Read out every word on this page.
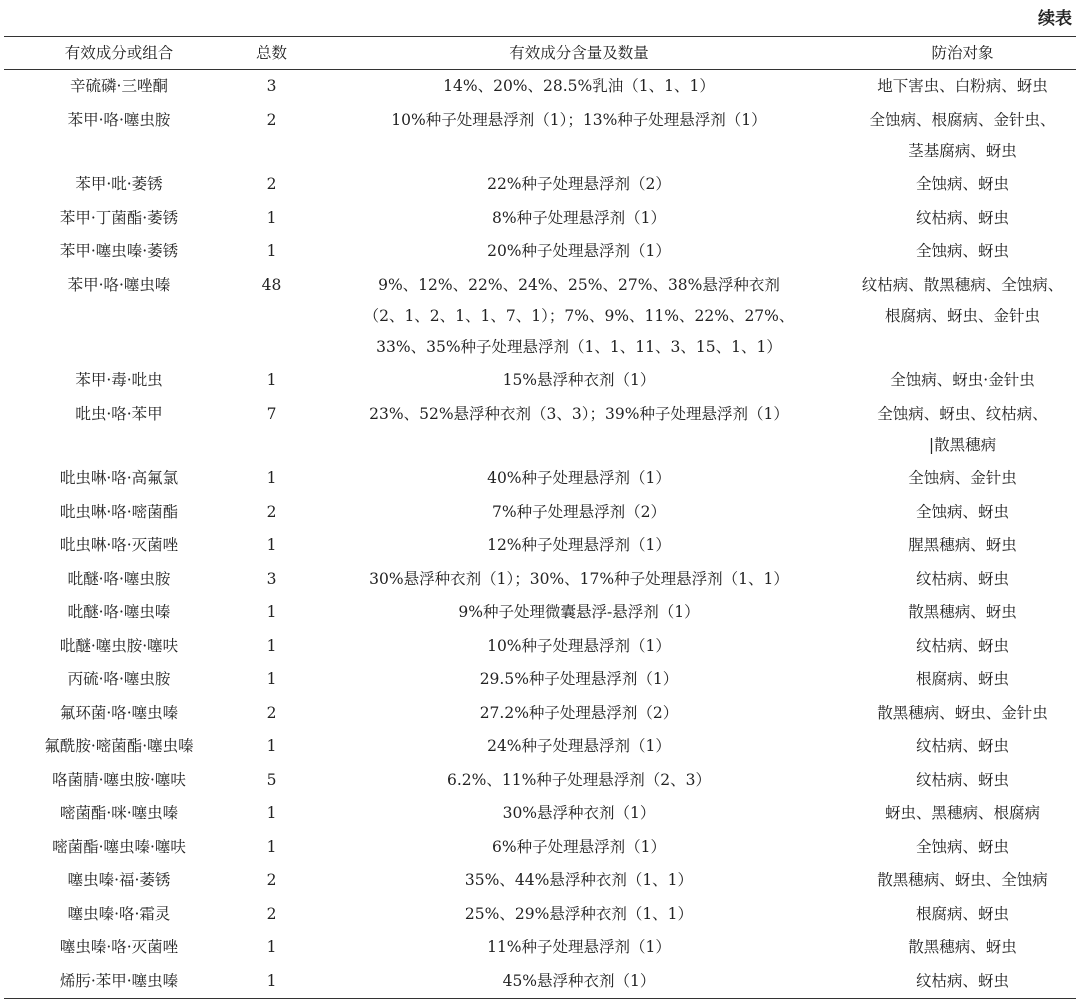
续表
有效成分或组合	总数	有效成分含量及数量	防治对象
辛硫磷·三唑酮	3	14%、20%、28.5%乳油（1、1、1）	地下害虫、白粉病、蚜虫

苯甲·咯·噻虫胺	2	10%种子处理悬浮剂（1）；13%种子处理悬浮剂（1）	全蚀病、根腐病、金针虫、
茎基腐病、蚜虫

苯甲·吡·萎锈	2	22%种子处理悬浮剂（2）	全蚀病、蚜虫

苯甲·丁菌酯·萎锈	1	8%种子处理悬浮剂（1）	纹枯病、蚜虫

苯甲·噻虫嗪·萎锈	1	20%种子处理悬浮剂（1）	全蚀病、蚜虫

苯甲·咯·噻虫嗪	48	9%、12%、22%、24%、25%、27%、38%悬浮种衣剂
（2、1、2、1、1、7、1）；7%、9%、11%、22%、27%、
33%、35%种子处理悬浮剂（1、1、11、3、15、1、1）	纹枯病、散黑穗病、全蚀病、
根腐病、蚜虫、金针虫

苯甲·毒·吡虫	1	15%悬浮种衣剂（1）	全蚀病、蚜虫·金针虫

吡虫·咯·苯甲	7	23%、52%悬浮种衣剂（3、3）；39%种子处理悬浮剂（1）	全蚀病、蚜虫、纹枯病、
|散黑穗病

吡虫啉·咯·高氟氯	1	40%种子处理悬浮剂（1）	全蚀病、金针虫

吡虫啉·咯·嘧菌酯	2	7%种子处理悬浮剂（2）	全蚀病、蚜虫

吡虫啉·咯·灭菌唑	1	12%种子处理悬浮剂（1）	腥黑穗病、蚜虫

吡醚·咯·噻虫胺	3	30%悬浮种衣剂（1）；30%、17%种子处理悬浮剂（1、1）	纹枯病、蚜虫

吡醚·咯·噻虫嗪	1	9%种子处理微囊悬浮-悬浮剂（1）	散黑穗病、蚜虫

吡醚·噻虫胺·噻呋	1	10%种子处理悬浮剂（1）	纹枯病、蚜虫

丙硫·咯·噻虫胺	1	29.5%种子处理悬浮剂（1）	根腐病、蚜虫

氟环菌·咯·噻虫嗪	2	27.2%种子处理悬浮剂（2）	散黑穗病、蚜虫、金针虫

氟酰胺·嘧菌酯·噻虫嗪	1	24%种子处理悬浮剂（1）	纹枯病、蚜虫

咯菌腈·噻虫胺·噻呋	5	6.2%、11%种子处理悬浮剂（2、3）	纹枯病、蚜虫

嘧菌酯·咪·噻虫嗪	1	30%悬浮种衣剂（1）	蚜虫、黑穗病、根腐病

嘧菌酯·噻虫嗪·噻呋	1	6%种子处理悬浮剂（1）	全蚀病、蚜虫

噻虫嗪·福·萎锈	2	35%、44%悬浮种衣剂（1、1）	散黑穗病、蚜虫、全蚀病

噻虫嗪·咯·霜灵	2	25%、29%悬浮种衣剂（1、1）	根腐病、蚜虫

噻虫嗪·咯·灭菌唑	1	11%种子处理悬浮剂（1）	散黑穗病、蚜虫

烯肟·苯甲·噻虫嗪	1	45%悬浮种衣剂（1）	纹枯病、蚜虫
